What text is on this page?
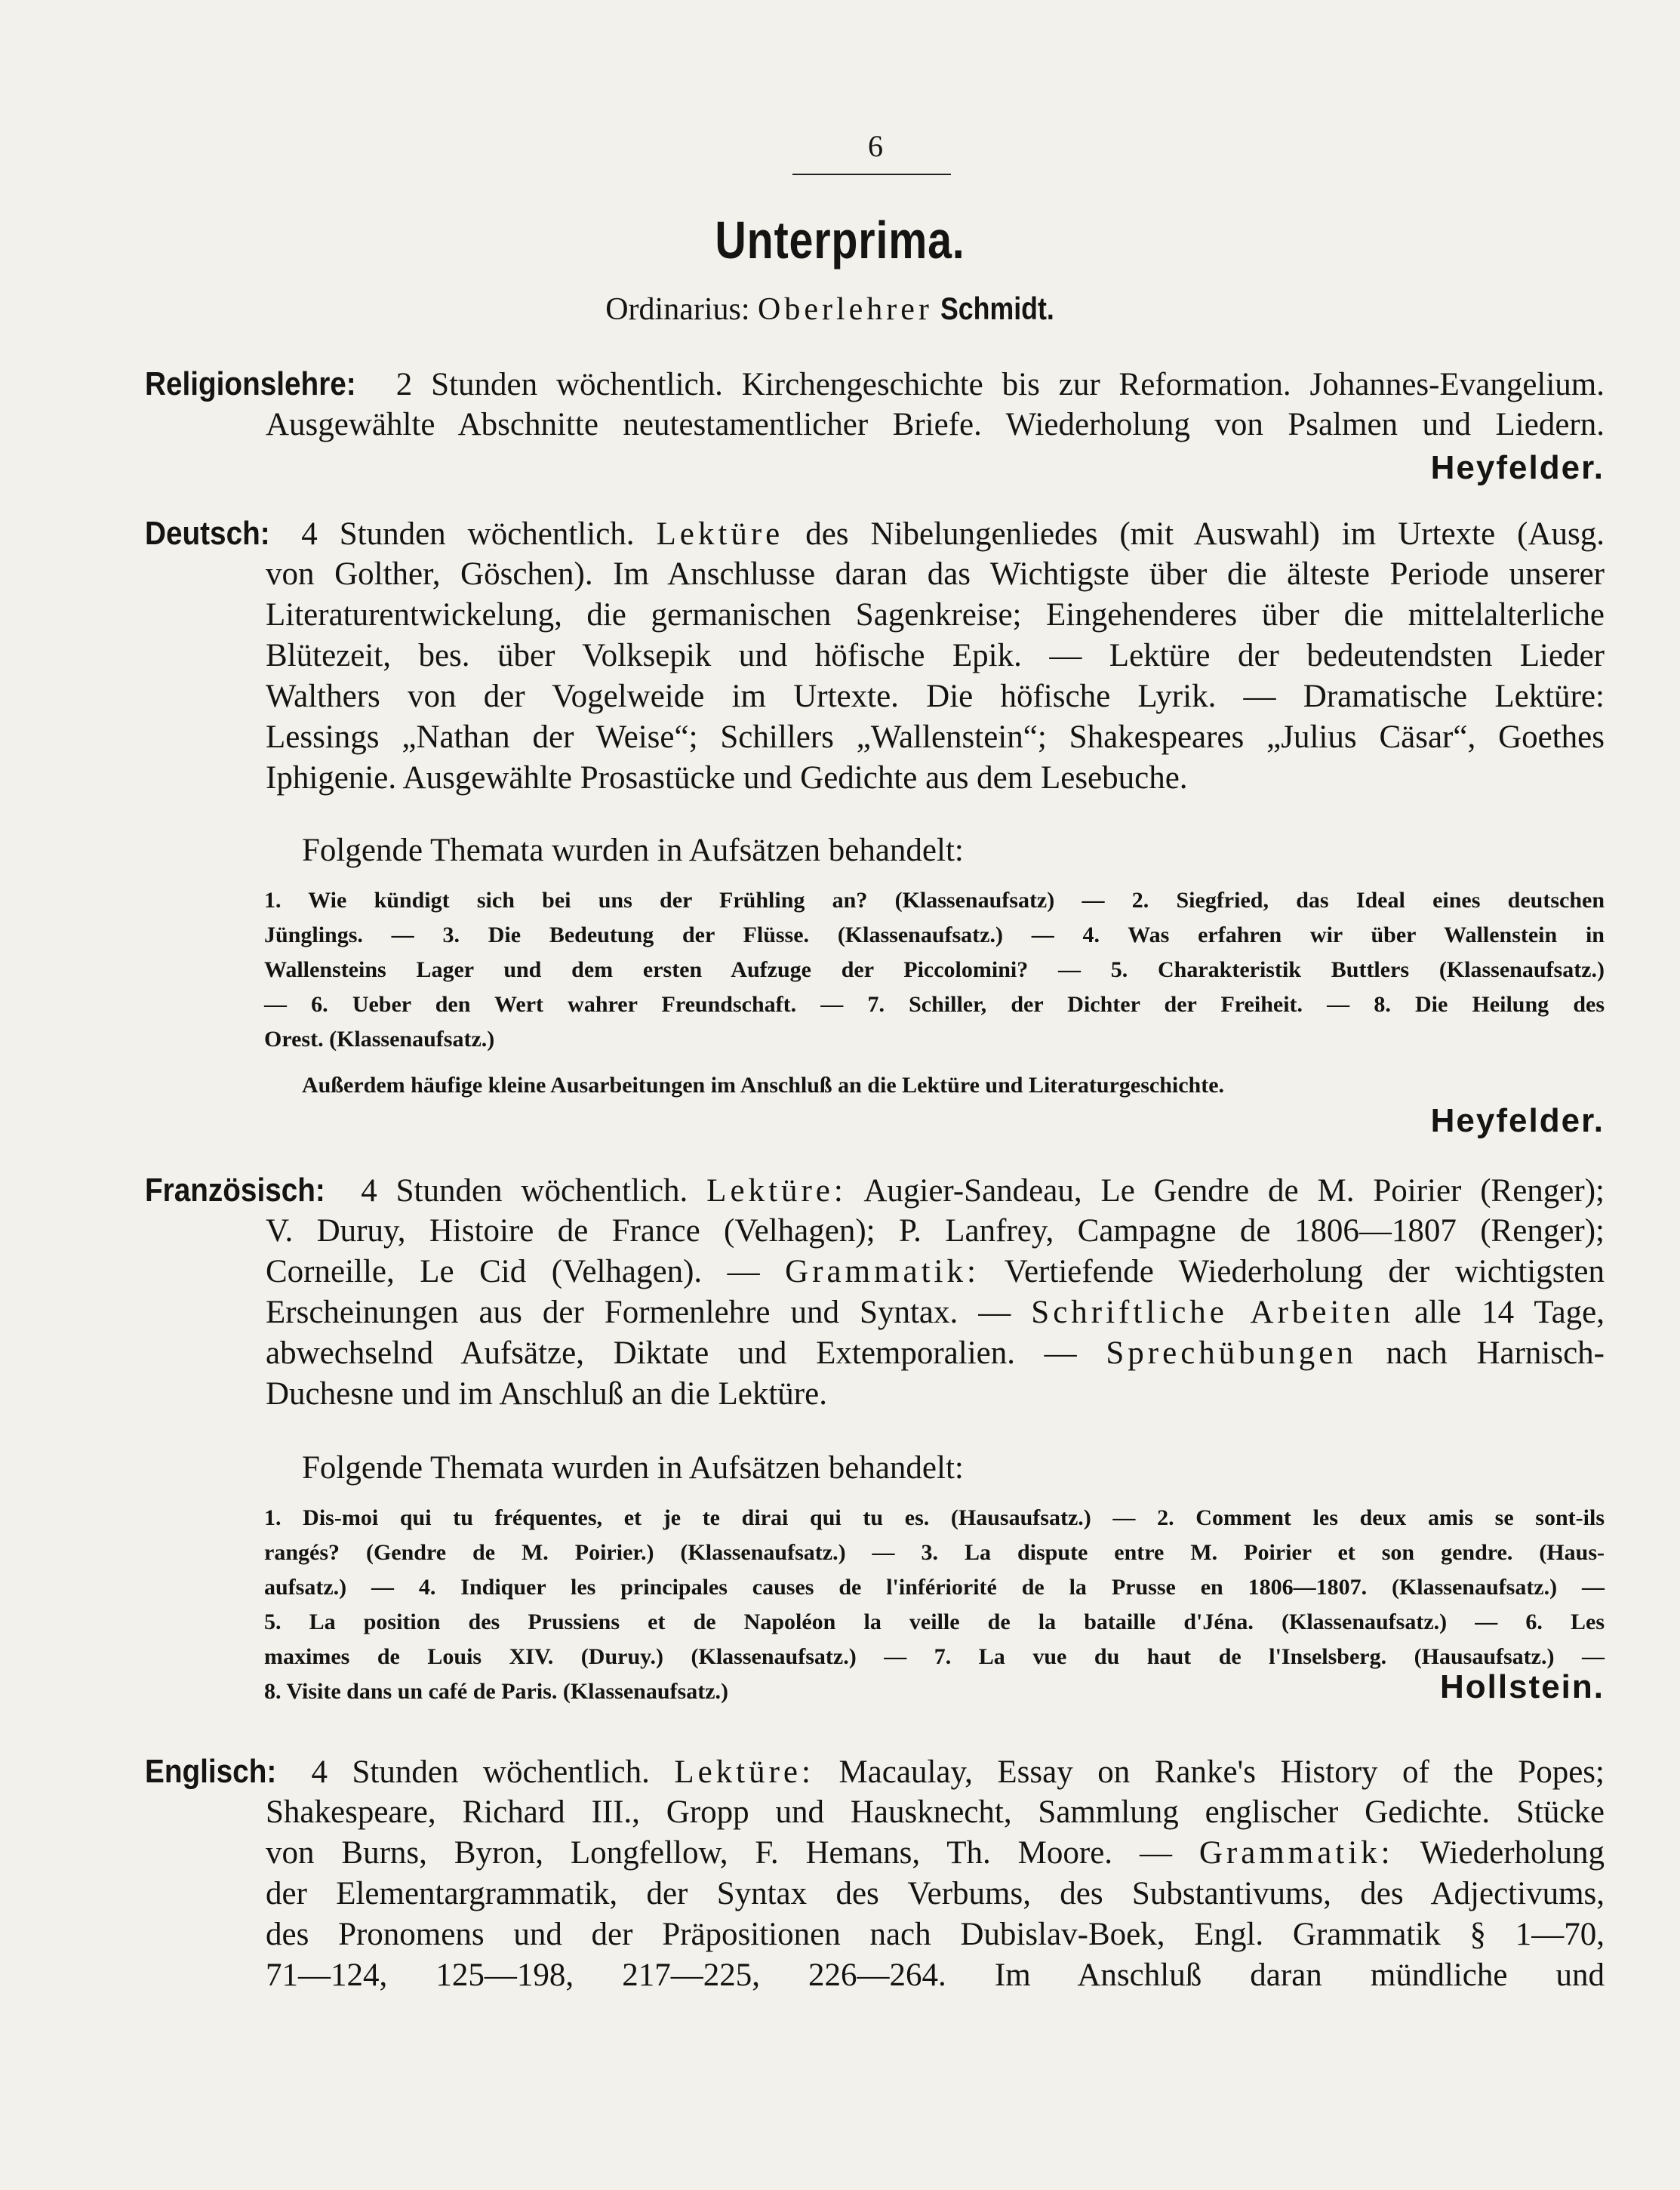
6
Unterprima.
Ordinarius: Oberlehrer Schmidt.
Religionslehre: 2 Stunden wöchentlich. Kirchengeschichte bis zur Reformation. Johannes-Evangelium.
Ausgewählte Abschnitte neutestamentlicher Briefe. Wiederholung von Psalmen und Liedern.
Heyfelder.
Deutsch: 4 Stunden wöchentlich. Lektüre des Nibelungenliedes (mit Auswahl) im Urtexte (Ausg.
von Golther, Göschen). Im Anschlusse daran das Wichtigste über die älteste Periode unserer
Literaturentwickelung, die germanischen Sagenkreise; Eingehenderes über die mittelalterliche
Blütezeit, bes. über Volksepik und höfische Epik. — Lektüre der bedeutendsten Lieder
Walthers von der Vogelweide im Urtexte. Die höfische Lyrik. — Dramatische Lektüre:
Lessings „Nathan der Weise“; Schillers „Wallenstein“; Shakespeares „Julius Cäsar“, Goethes
Iphigenie. Ausgewählte Prosastücke und Gedichte aus dem Lesebuche.
Folgende Themata wurden in Aufsätzen behandelt:
1. Wie kündigt sich bei uns der Frühling an? (Klassenaufsatz) — 2. Siegfried, das Ideal eines deutschen
Jünglings. — 3. Die Bedeutung der Flüsse. (Klassenaufsatz.) — 4. Was erfahren wir über Wallenstein in
Wallensteins Lager und dem ersten Aufzuge der Piccolomini? — 5. Charakteristik Buttlers (Klassenaufsatz.)
— 6. Ueber den Wert wahrer Freundschaft. — 7. Schiller, der Dichter der Freiheit. — 8. Die Heilung des
Orest. (Klassenaufsatz.)
Außerdem häufige kleine Ausarbeitungen im Anschluß an die Lektüre und Literaturgeschichte.
Heyfelder.
Französisch: 4 Stunden wöchentlich. Lektüre: Augier-Sandeau, Le Gendre de M. Poirier (Renger);
V. Duruy, Histoire de France (Velhagen); P. Lanfrey, Campagne de 1806—1807 (Renger);
Corneille, Le Cid (Velhagen). — Grammatik: Vertiefende Wiederholung der wichtigsten
Erscheinungen aus der Formenlehre und Syntax. — Schriftliche Arbeiten alle 14 Tage,
abwechselnd Aufsätze, Diktate und Extemporalien. — Sprechübungen nach Harnisch-
Duchesne und im Anschluß an die Lektüre.
Folgende Themata wurden in Aufsätzen behandelt:
1. Dis-moi qui tu fréquentes, et je te dirai qui tu es. (Hausaufsatz.) — 2. Comment les deux amis se sont-ils
rangés? (Gendre de M. Poirier.) (Klassenaufsatz.) — 3. La dispute entre M. Poirier et son gendre. (Haus-
aufsatz.) — 4. Indiquer les principales causes de l'infériorité de la Prusse en 1806—1807. (Klassenaufsatz.) —
5. La position des Prussiens et de Napoléon la veille de la bataille d'Jéna. (Klassenaufsatz.) — 6. Les
maximes de Louis XIV. (Duruy.) (Klassenaufsatz.) — 7. La vue du haut de l'Inselsberg. (Hausaufsatz.) —
8. Visite dans un café de Paris. (Klassenaufsatz.)	Hollstein.
Englisch: 4 Stunden wöchentlich. Lektüre: Macaulay, Essay on Ranke's History of the Popes;
Shakespeare, Richard III., Gropp und Hausknecht, Sammlung englischer Gedichte. Stücke
von Burns, Byron, Longfellow, F. Hemans, Th. Moore. — Grammatik: Wiederholung
der Elementargrammatik, der Syntax des Verbums, des Substantivums, des Adjectivums,
des Pronomens und der Präpositionen nach Dubislav-Boek, Engl. Grammatik § 1—70,
71—124, 125—198, 217—225, 226—264. Im Anschluß daran mündliche und
